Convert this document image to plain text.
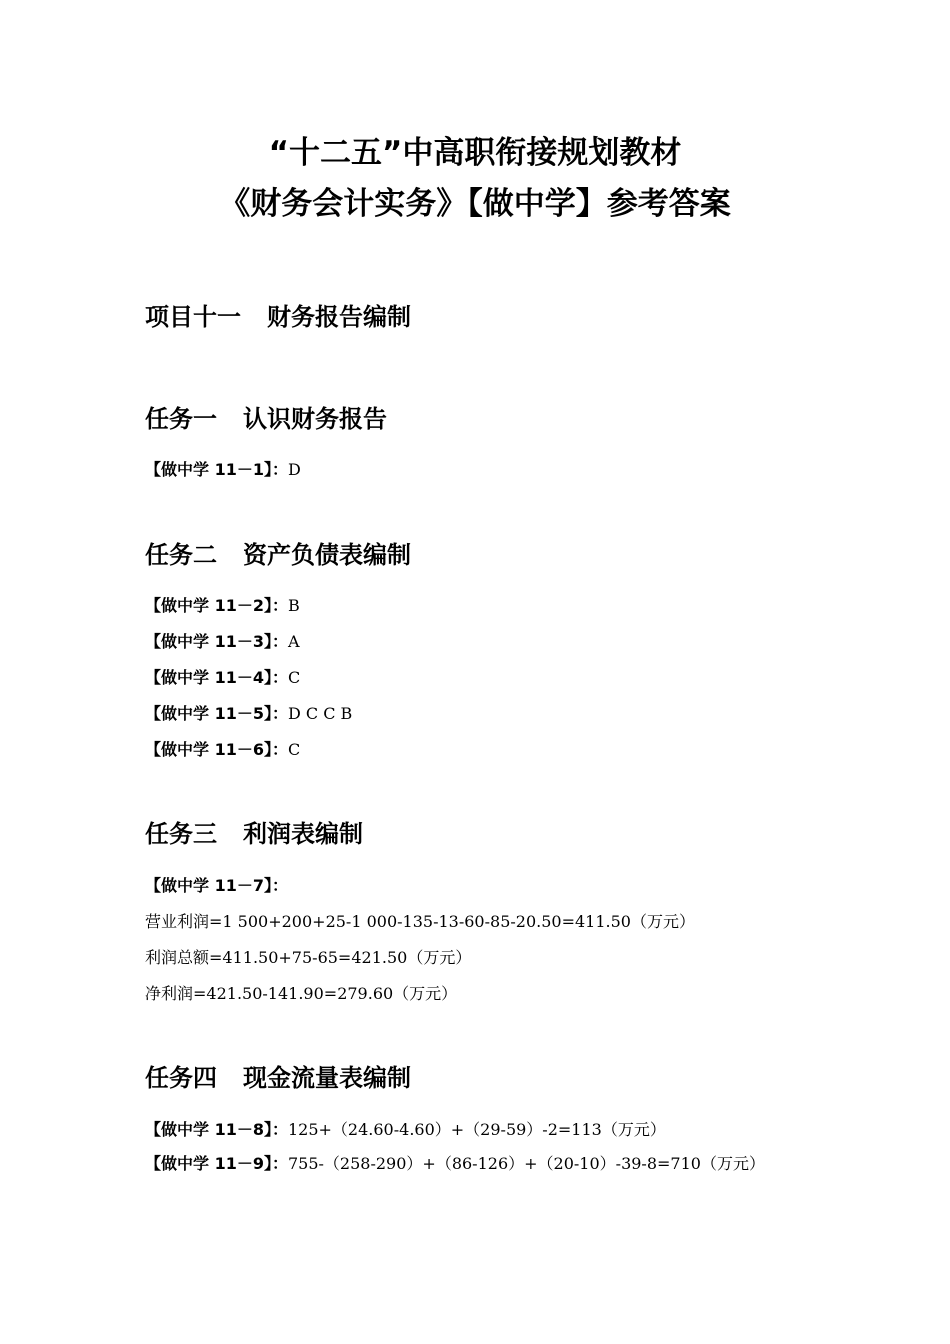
“十二五”中高职衔接规划教材
《财务会计实务》【做中学】参考答案
项目十一 财务报告编制
任务一 认识财务报告
【做中学 11－1】：D
任务二 资产负债表编制
【做中学 11－2】：B
【做中学 11－3】：A
【做中学 11－4】：C
【做中学 11－5】：D C C B
【做中学 11－6】：C
任务三 利润表编制
【做中学 11－7】：
营业利润=1 500+200+25-1 000-135-13-60-85-20.50=411.50（万元）
利润总额=411.50+75-65=421.50（万元）
净利润=421.50-141.90=279.60（万元）
任务四 现金流量表编制
【做中学 11－8】：125+（24.60-4.60）+（29-59）-2=113（万元）
【做中学 11－9】：755-（258-290）+（86-126）+（20-10）-39-8=710（万元）
